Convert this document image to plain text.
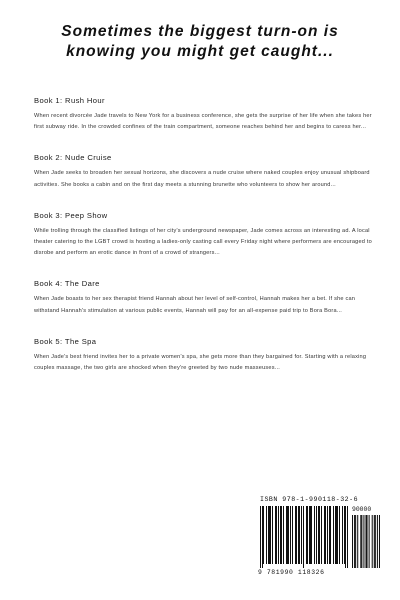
Sometimes the biggest turn-on is
knowing you might get caught...

Book 1: Rush Hour

When recent divorcée Jade travels to New York for a business conference, she gets the surprise of her life when she takes her first subway ride. In the crowded confines of the train compartment, someone reaches behind her and begins to caress her...

Book 2: Nude Cruise

When Jade seeks to broaden her sexual horizons, she discovers a nude cruise where naked couples enjoy unusual shipboard activities. She books a cabin and on the first day meets a stunning brunette who volunteers to show her around...

Book 3: Peep Show

While trolling through the classified listings of her city's underground newspaper, Jade comes across an interesting ad. A local theater catering to the LGBT crowd is hosting a ladies-only casting call every Friday night where performers are encouraged to disrobe and perform an erotic dance in front of a crowd of strangers...

Book 4: The Dare

When Jade boasts to her sex therapist friend Hannah about her level of self-control, Hannah makes her a bet. If she can withstand Hannah's stimulation at various public events, Hannah will pay for an all-expense paid trip to Bora Bora...

Book 5: The Spa

When Jade's best friend invites her to a private women's spa, she gets more than they bargained for. Starting with a relaxing couples massage, the two girls are shocked when they're greeted by two nude masseuses...

ISBN 978-1-990118-32-6
90000
9 781990 118326
